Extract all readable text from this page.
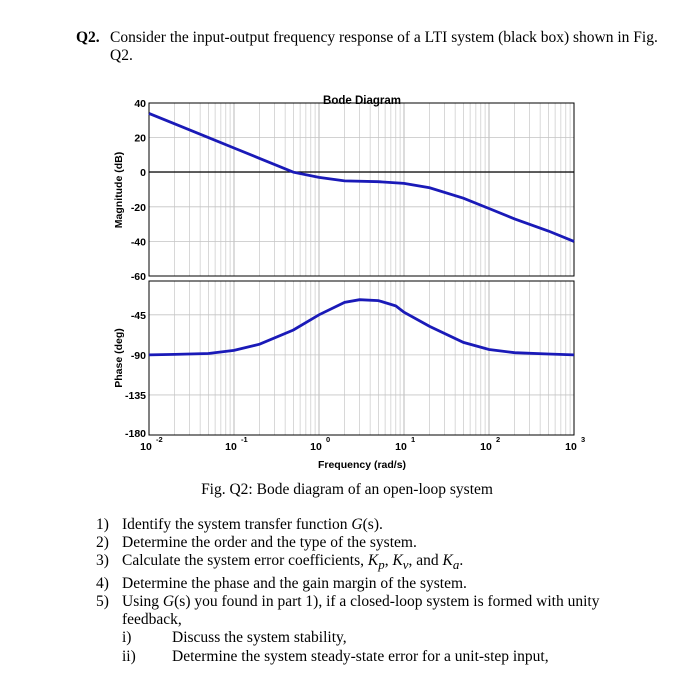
Q2. Consider the input-output frequency response of a LTI system (black box) shown in Fig. Q2.
Bode Diagram
40
20
0
-20
-40
-60
-45
-90
-135
-180
10
-2
10
-1
10
0
10
1
10
2
10
3
Magnitude (dB)
Phase (deg)
Frequency (rad/s)
Fig. Q2: Bode diagram of an open-loop system
1) Identify the system transfer function G(s).
2) Determine the order and the type of the system.
3) Calculate the system error coefficients, $K_p$, $K_v$, and $K_a$.
4) Determine the phase and the gain margin of the system.
5) Using G(s) you found in part 1), if a closed-loop system is formed with unity feedback,
i)	Discuss the system stability,
ii) Determine the system steady-state error for a unit-step input,
